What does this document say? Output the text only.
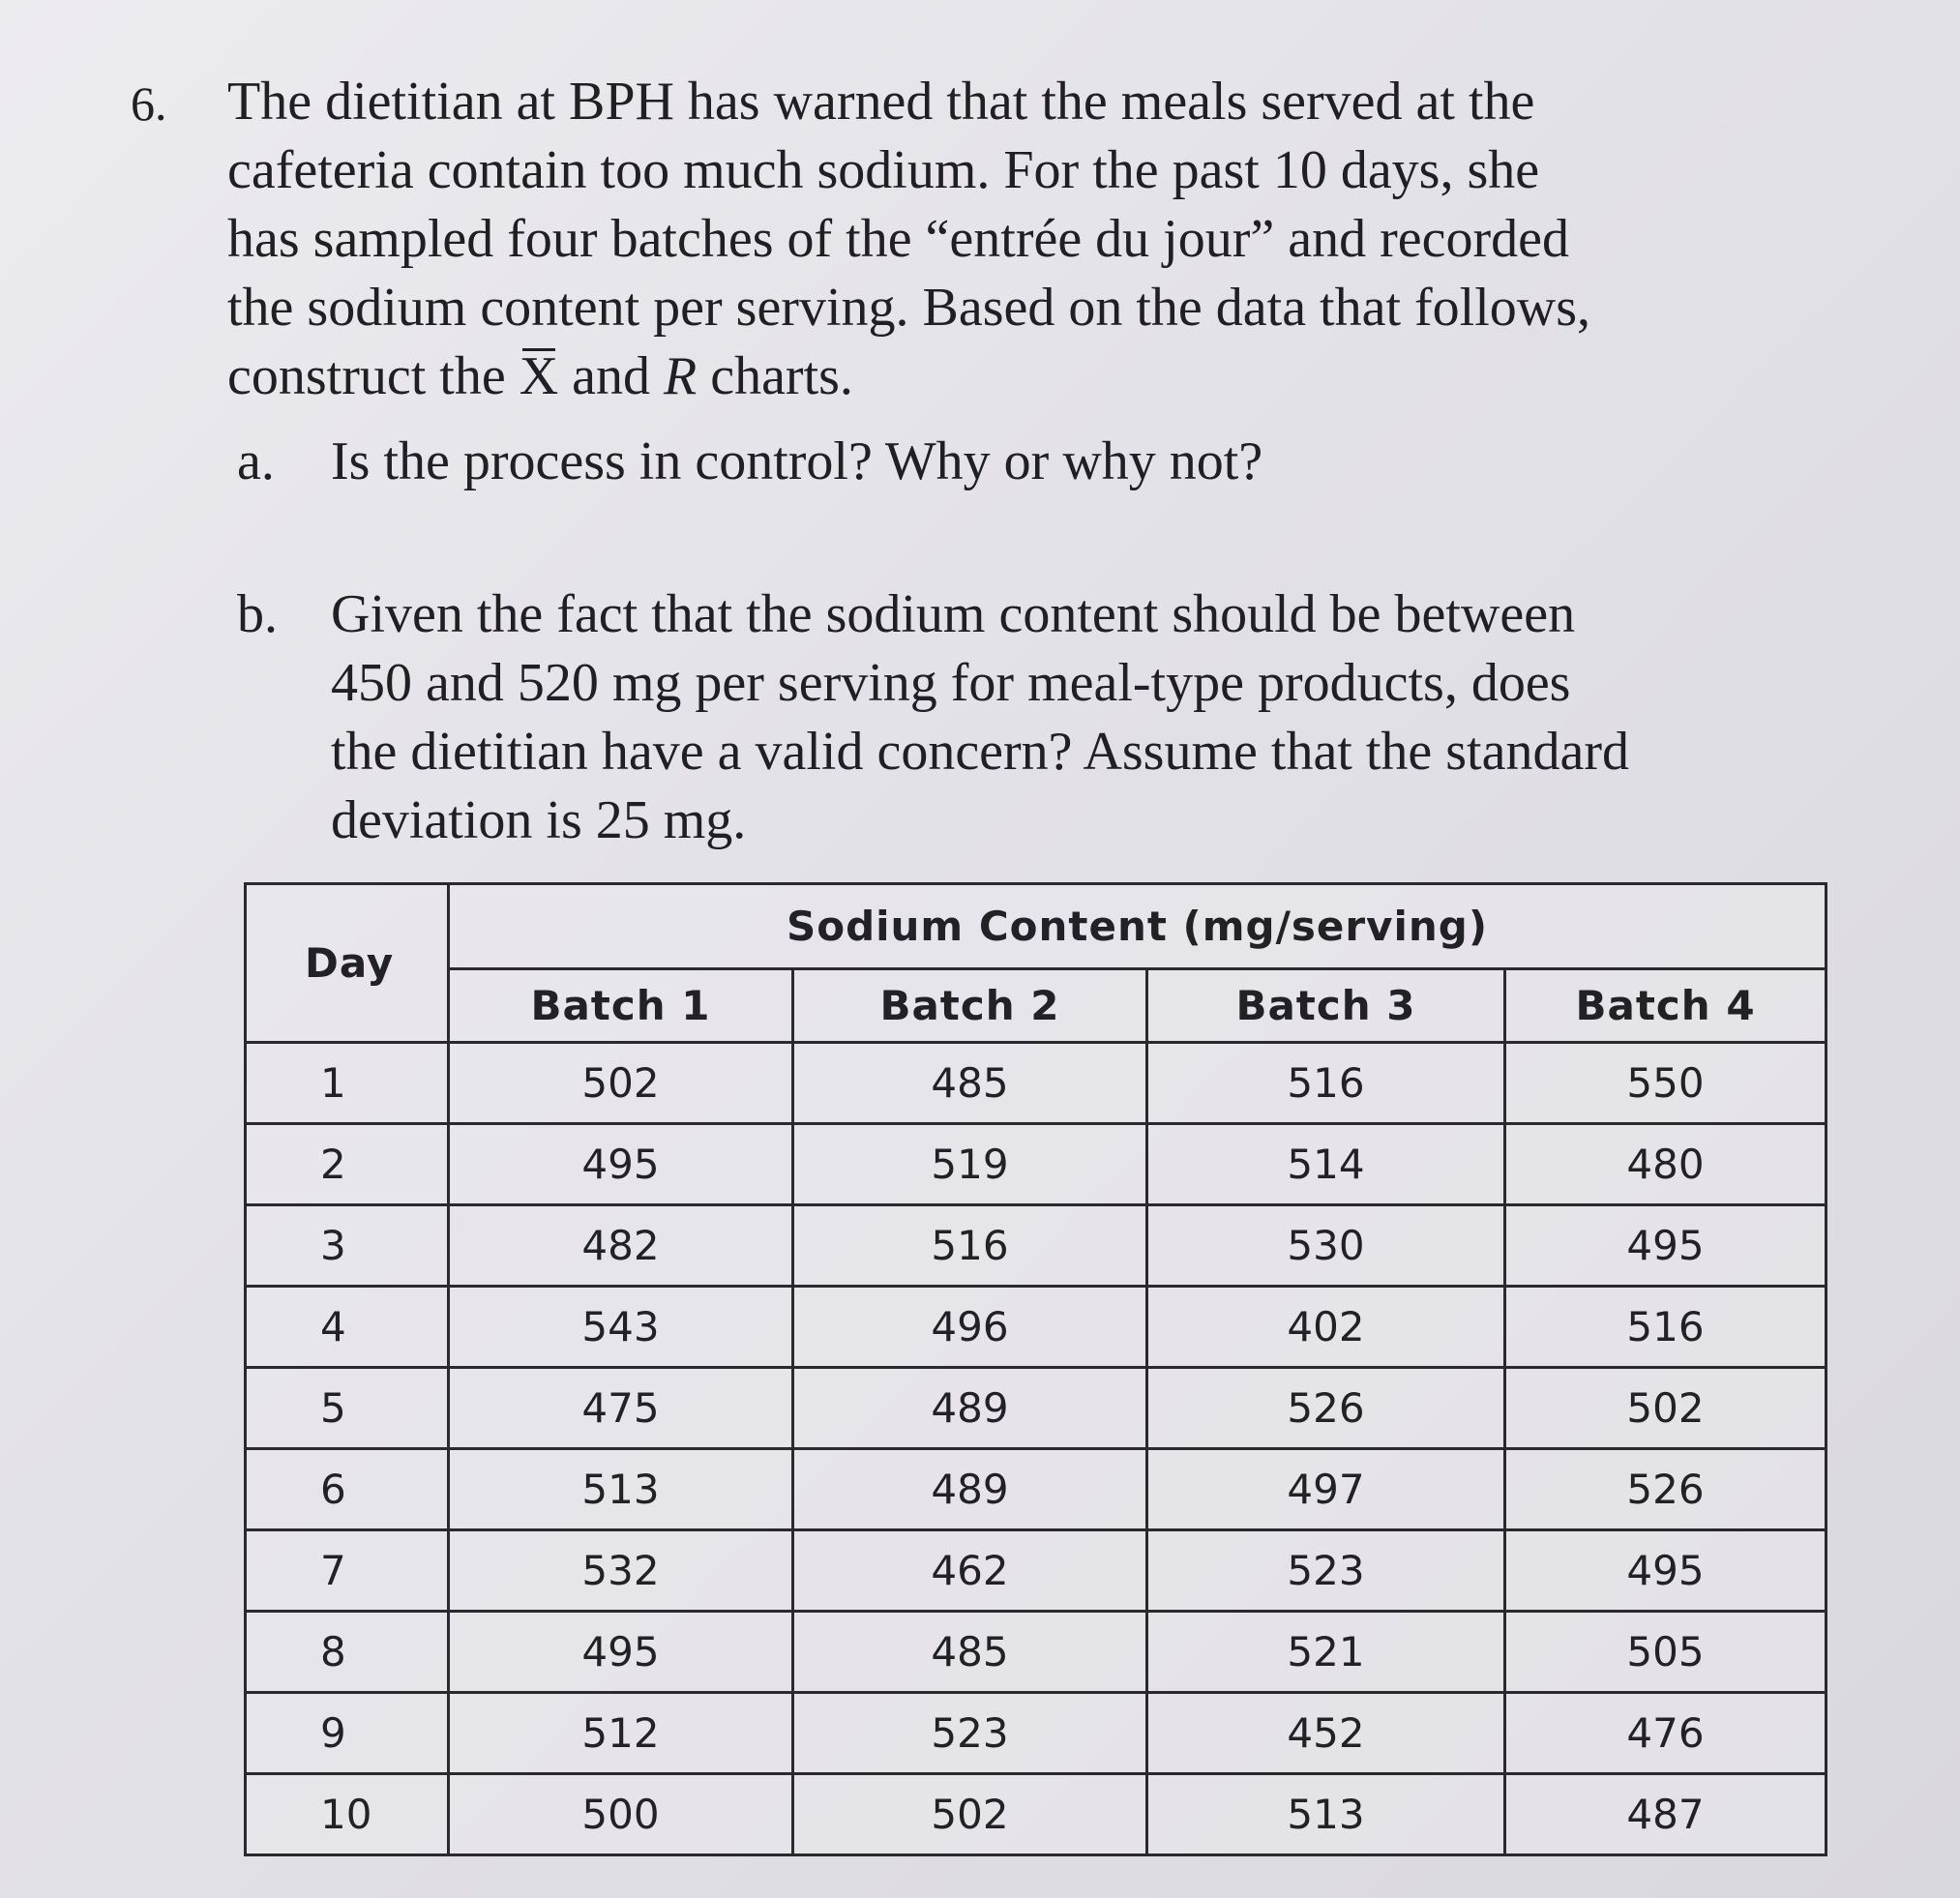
6. The dietitian at BPH has warned that the meals served at the
cafeteria contain too much sodium. For the past 10 days, she
has sampled four batches of the “entrée du jour” and recorded
the sodium content per serving. Based on the data that follows,
construct the X and R charts.
a. Is the process in control? Why or why not?
b. Given the fact that the sodium content should be between
450 and 520 mg per serving for meal-type products, does
the dietitian have a valid concern? Assume that the standard
deviation is 25 mg.
Day	Sodium Content (mg/serving)			
	Batch 1	Batch 2	Batch 3	Batch 4
1	502	485	516	550
2	495	519	514	480
3	482	516	530	495
4	543	496	402	516
5	475	489	526	502
6	513	489	497	526
7	532	462	523	495
8	495	485	521	505
9	512	523	452	476
10	500	502	513	487
